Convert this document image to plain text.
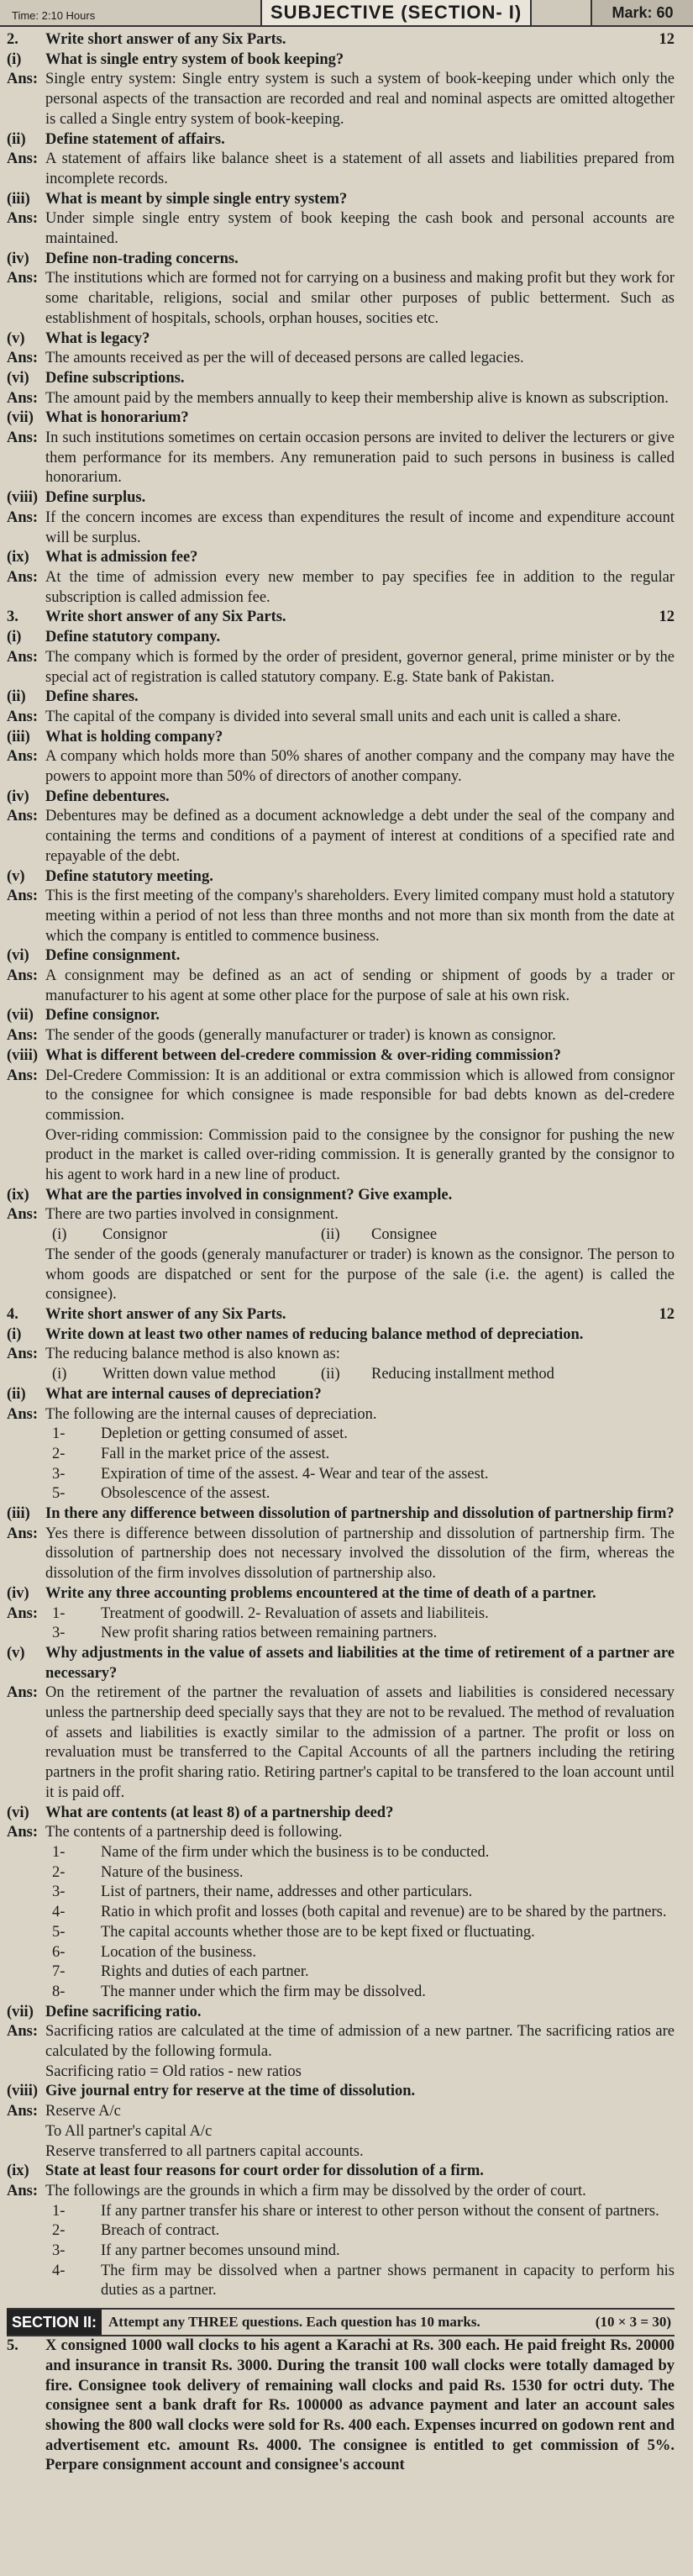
Time: 2:10 Hours	SUBJECTIVE (SECTION- I)	Mark: 60
2.	Write short answer of any Six Parts.	12
(i)	What is single entry system of book keeping?
Ans: Single entry system: Single entry system is such a system of book-keeping under which only the personal aspects of the transaction are recorded and real and nominal aspects are omitted altogether is called a Single entry system of book-keeping.
(ii)	Define statement of affairs.
Ans: A statement of affairs like balance sheet is a statement of all assets and liabilities prepared from incomplete records.
(iii) What is meant by simple single entry system?
Ans: Under simple single entry system of book keeping the cash book and personal accounts are maintained.
(iv)	Define non-trading concerns.
Ans: The institutions which are formed not for carrying on a business and making profit but they work for some charitable, religions, social and smilar other purposes of public betterment. Such as establishment of hospitals, schools, orphan houses, socities etc.
(v)	What is legacy?
Ans: The amounts received as per the will of deceased persons are called legacies.
(vi)	Define subscriptions.
Ans: The amount paid by the members annually to keep their membership alive is known as subscription.
(vii) What is honorarium?
Ans: In such institutions sometimes on certain occasion persons are invited to deliver the lecturers or give them performance for its members. Any remuneration paid to such persons in business is called honorarium.
(viii) Define surplus.
Ans: If the concern incomes are excess than expenditures the result of income and expenditure account will be surplus.
(ix)	What is admission fee?
Ans: At the time of admission every new member to pay specifies fee in addition to the regular subscription is called admission fee.
3.	Write short answer of any Six Parts.	12
(i)	Define statutory company.
Ans: The company which is formed by the order of president, governor general, prime minister or by the special act of registration is called statutory company. E.g. State bank of Pakistan.
(ii)	Define shares.
Ans: The capital of the company is divided into several small units and each unit is called a share.
(iii) What is holding company?
Ans: A company which holds more than 50% shares of another company and the company may have the powers to appoint more than 50% of directors of another company.
(iv)	Define debentures.
Ans: Debentures may be defined as a document acknowledge a debt under the seal of the company and containing the terms and conditions of a payment of interest at conditions of a specified rate and repayable of the debt.
(v)	Define statutory meeting.
Ans: This is the first meeting of the company's shareholders. Every limited company must hold a statutory meeting within a period of not less than three months and not more than six month from the date at which the company is entitled to commence business.
(vi)	Define consignment.
Ans: A consignment may be defined as an act of sending or shipment of goods by a trader or manufacturer to his agent at some other place for the purpose of sale at his own risk.
(vii) Define consignor.
Ans: The sender of the goods (generally manufacturer or trader) is known as consignor.
(viii) What is different between del-credere commission & over-riding commission?
Ans: Del-Credere Commission: It is an additional or extra commission which is allowed from consignor to the consignee for which consignee is made responsible for bad debts known as del-credere commission.
Over-riding commission: Commission paid to the consignee by the consignor for pushing the new product in the market is called over-riding commission. It is generally granted by the consignor to his agent to work hard in a new line of product.
(ix)	What are the parties involved in consignment? Give example.
Ans: There are two parties involved in consignment.
(i)	Consignor	(ii)	Consignee
The sender of the goods (generaly manufacturer or trader) is known as the consignor. The person to whom goods are dispatched or sent for the purpose of the sale (i.e. the agent) is called the consignee).
4.	Write short answer of any Six Parts.	12
(i)	Write down at least two other names of reducing balance method of depreciation.
Ans: The reducing balance method is also known as:
(i)	Written down value method	(ii)	Reducing installment method
(ii)	What are internal causes of depreciation?
Ans: The following are the internal causes of depreciation.
1-	Depletion or getting consumed of asset.
2-	Fall in the market price of the assest.
3-	Expiration of time of the assest. 4- Wear and tear of the assest.
5-	Obsolescence of the assest.
(iii) In there any difference between dissolution of partnership and dissolution of partnership firm?
Ans: Yes there is difference between dissolution of partnership and dissolution of partnership firm. The dissolution of partnership does not necessary involved the dissolution of the firm, whereas the dissolution of the firm involves dissolution of partnership also.
(iv)	Write any three accounting problems encountered at the time of death of a partner.
Ans: 1-	Treatment of goodwill. 2- Revaluation of assets and liabiliteis.
3-	New profit sharing ratios between remaining partners.
(v)	Why adjustments in the value of assets and liabilities at the time of retirement of a partner are necessary?
Ans: On the retirement of the partner the revaluation of assets and liabilities is considered necessary unless the partnership deed specially says that they are not to be revalued. The method of revaluation of assets and liabilities is exactly similar to the admission of a partner. The profit or loss on revaluation must be transferred to the Capital Accounts of all the partners including the retiring partners in the profit sharing ratio. Retiring partner's capital to be transfered to the loan account until it is paid off.
(vi)	What are contents (at least 8) of a partnership deed?
Ans: The contents of a partnership deed is following.
1-	Name of the firm under which the business is to be conducted.
2-	Nature of the business.
3-	List of partners, their name, addresses and other particulars.
4-	Ratio in which profit and losses (both capital and revenue) are to be shared by the partners.
5-	The capital accounts whether those are to be kept fixed or fluctuating.
6-	Location of the business.
7-	Rights and duties of each partner.
8-	The manner under which the firm may be dissolved.
(vii) Define sacrificing ratio.
Ans: Sacrificing ratios are calculated at the time of admission of a new partner. The sacrificing ratios are calculated by the following formula.
Sacrificing ratio = Old ratios - new ratios
(viii) Give journal entry for reserve at the time of dissolution.
Ans: Reserve A/c
To All partner's capital A/c
Reserve transferred to all partners capital accounts.
(ix)	State at least four reasons for court order for dissolution of a firm.
Ans: The followings are the grounds in which a firm may be dissolved by the order of court.
1-	If any partner transfer his share or interest to other person without the consent of partners.
2-	Breach of contract.
3-	If any partner becomes unsound mind.
4-	The firm may be dissolved when a partner shows permanent in capacity to perform his duties as a partner.
SECTION II: Attempt any THREE questions. Each question has 10 marks.	(10 × 3 = 30)
5.	X consigned 1000 wall clocks to his agent a Karachi at Rs. 300 each. He paid freight Rs. 20000 and insurance in transit Rs. 3000. During the transit 100 wall clocks were totally damaged by fire. Consignee took delivery of remaining wall clocks and paid Rs. 1530 for octri duty. The consignee sent a bank draft for Rs. 100000 as advance payment and later an account sales showing the 800 wall clocks were sold for Rs. 400 each. Expenses incurred on godown rent and advertisement etc. amount Rs. 4000. The consignee is entitled to get commission of 5%. Perpare consignment account and consignee's account
